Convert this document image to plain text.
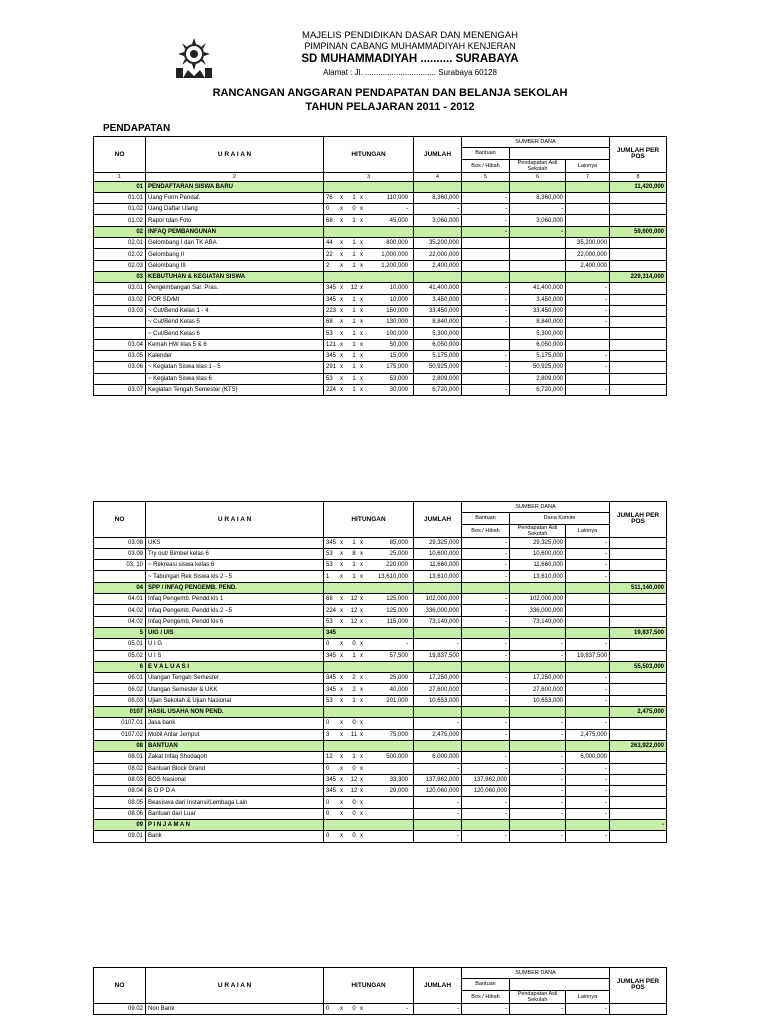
MAJELIS PENDIDIKAN DASAR DAN MENENGAH
PIMPINAN CABANG MUHAMMADIYAH KENJERAN
SD MUHAMMADIYAH .......... SURABAYA
Alamat : Jl. ................................ Surabaya 60128
RANCANGAN ANGGARAN PENDAPATAN DAN BELANJA SEKOLAH
TAHUN PELAJARAN 2011 - 2012
PENDAPATAN
NO	U R A I A N	HITUNGAN	JUMLAH	SUMBER DANA			JUMLAH PER POS
				Bantuan			
				Bos / Hibah	Pendapatan Asli Sekolah	Lainnya	
1	2	3	4	5	6	7	8
01	PENDAFTARAN SISWA BARU						11,420,000
01.01	Uang Form Pendaf.	76 x 1 x 110,000	8,360,000	-	8,360,000		
01.02	Uang Daftar Ulang	0 x 0 x -	-	-	-		
01.02	Rapor tdan Foto	68 x 1 x 45,000	3,060,000	-	3,060,000		
02	INFAQ PEMBANGUNAN			-	-		59,600,000
02.01	Gelombang I dari TK ABA	44 x 1 x 800,000	35,200,000			35,200,000	
02.02	Gelombang II	22 x 1 x 1,000,000	22,000,000			22,000,000	
02.03	Gelombang III	2 x 1 x 1,200,000	2,400,000			2,400,000	
03	KEBUTUHAN & KEGIATAN SISWA						229,314,000
03.01	Pengembangan Sar. Pras.	345 x 12 x 10,000	41,400,000	-	41,400,000	-	
03.02	POR SD/MI	345 x 1 x 10,000	3,450,000	-	3,450,000	-	
03.03	~ Cut/Bend Kelas 1 - 4	223 x 1 x 150,000	33,450,000	-	33,450,000	-	
	~ Cut/Bend Kelas 5	68 x 1 x 130,000	8,840,000	-	8,840,000	-	
	~ Cut/Bend Kelas 6	53 x 1 x 100,000	5,300,000		5,300,000		
03.04	Kemah HW klas 5 & 6	121 x 1 x 50,000	6,050,000		6,050,000		
03.05	Kalender	345 x 1 x 15,000	5,175,000	-	5,175,000	-	
03.06	~ Kegiatan Siswa klas 1 - 5	291 x 1 x 175,000	50,925,000	-	50,925,000	-	
	~ Kegiatan Siswa klas 6	53 x 1 x 53,000	2,809,000		2,809,000		
03.07	Kegiatan Tengah Semester (KTS)	224 x 1 x 30,000	6,720,000	-	6,720,000	-	
NO	U R A I A N	HITUNGAN	JUMLAH	SUMBER DANA			JUMLAH PER POS
				Bantuan	Dana Komite		
				Bos / Hibah	Pendapatan Asli Sekolah	Lainnya	
03.08	UKS	345 x 1 x 85,000	29,325,000	-	29,325,000	-	
03.09	Try out/ Bimbel kelas 6	53 x 8 x 25,000	10,600,000	-	10,600,000	-	
03. 10	~ Rekreasi siswa kelas 6	53 x 1 x 220,000	11,660,000	-	11,660,000	-	
	~ Tabungan Rek Siswa kls 2 - 5	1 x 1 x 13,610,000	13,610,000	-	13,610,000	-	
04	SPP / INFAQ PENGEMB. PEND.						511,140,000
04.01	Infaq Pengemb. Pendd kls 1	68 x 12 x 125,000	102,000,000	-	102,000,000		
04.02	Infaq Pengemb. Pendd kls 2 - 5	224 x 12 x 125,000	336,000,000	-	336,000,000		
04.02	Infaq Pengemb. Pendd kls 6	53 x 12 x 115,000	73,140,000	-	73,140,000		
5	UIG / UIS	345					19,837,500
05.01	U I G	0 x 0 x -	-	-	-	-	
05.02	U I S	345 x 1 x 57,500	19,837,500	-	-	19,837,500	
6	E V A L U A S I						55,503,000
06.01	Ulangan Tengah Semester	345 x 2 x 25,000	17,250,000	-	17,250,000	-	
06.02	Ulangan Semester & UKK	345 x 2 x 40,000	27,600,000	-	27,600,000	-	
06.03	Ujian Sekolah & Ujian Nasional	53 x 1 x 201,000	10,653,000	-	10,653,000	-	
0107	HASIL USAHA NON PEND.						2,475,000
0107.01	Jasa bank	0 x 0 x	-	-	-	-	
0107.02	Mobil Antar Jemput	3 x 11 x 75,000	2,475,000	-	-	2,475,000	
08	BANTUAN						263,922,000
08.01	Zakat Infaq Shodaqoh	12 x 1 x 500,000	6,000,000	-	-	6,000,000	
08.02	Bantuan Block Grand	0 x 0 x	-	-	-	-	
08.03	BOS Nasional	345 x 12 x 33,300	137,862,000	137,862,000	-	-	
08.04	B O P D A	345 x 12 x 29,000	120,060,000	120,060,000	-	-	
08.05	Beasiswa dari Instansi/Lembaga Lain	0 x 0 x	-	-	-	-	
08.06	Bantuan dari Luar	0 x 0 x	-	-	-	-	
09	P I N J A M A N						-
09.01	Bank	0 x 0 x	-	-	-	-	
NO	U R A I A N	HITUNGAN	JUMLAH	SUMBER DANA			JUMLAH PER POS
				Bantuan			
				Bos / Hibah	Pendapatan Asli Sekolah	Lainnya	
09.02	Non Bank	0 x 0 x -	-	-	-	-	
